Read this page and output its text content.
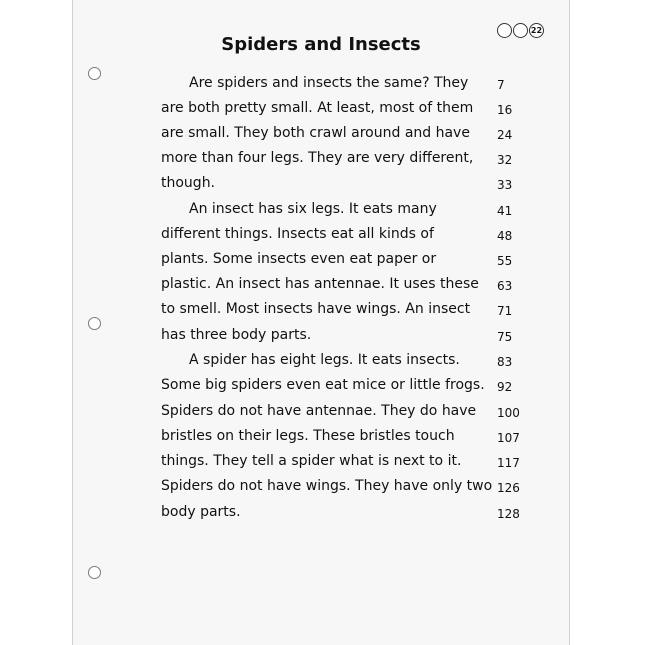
22
Spiders and Insects
Are spiders and insects the same? They 7
are both pretty small. At least, most of them 16
are small. They both crawl around and have 24
more than four legs. They are very different, 32
though.	33
An insect has six legs. It eats many	41
different things. Insects eat all kinds of	48
plants. Some insects even eat paper or	55
plastic. An insect has antennae. It uses these 63
to smell. Most insects have wings. An insect 71
has three body parts.	75
A spider has eight legs. It eats insects.	83
Some big spiders even eat mice or little frogs. 92
Spiders do not have antennae. They do have 100
bristles on their legs. These bristles touch	107
things. They tell a spider what is next to it.	117
Spiders do not have wings. They have only two 126
body parts.	128
